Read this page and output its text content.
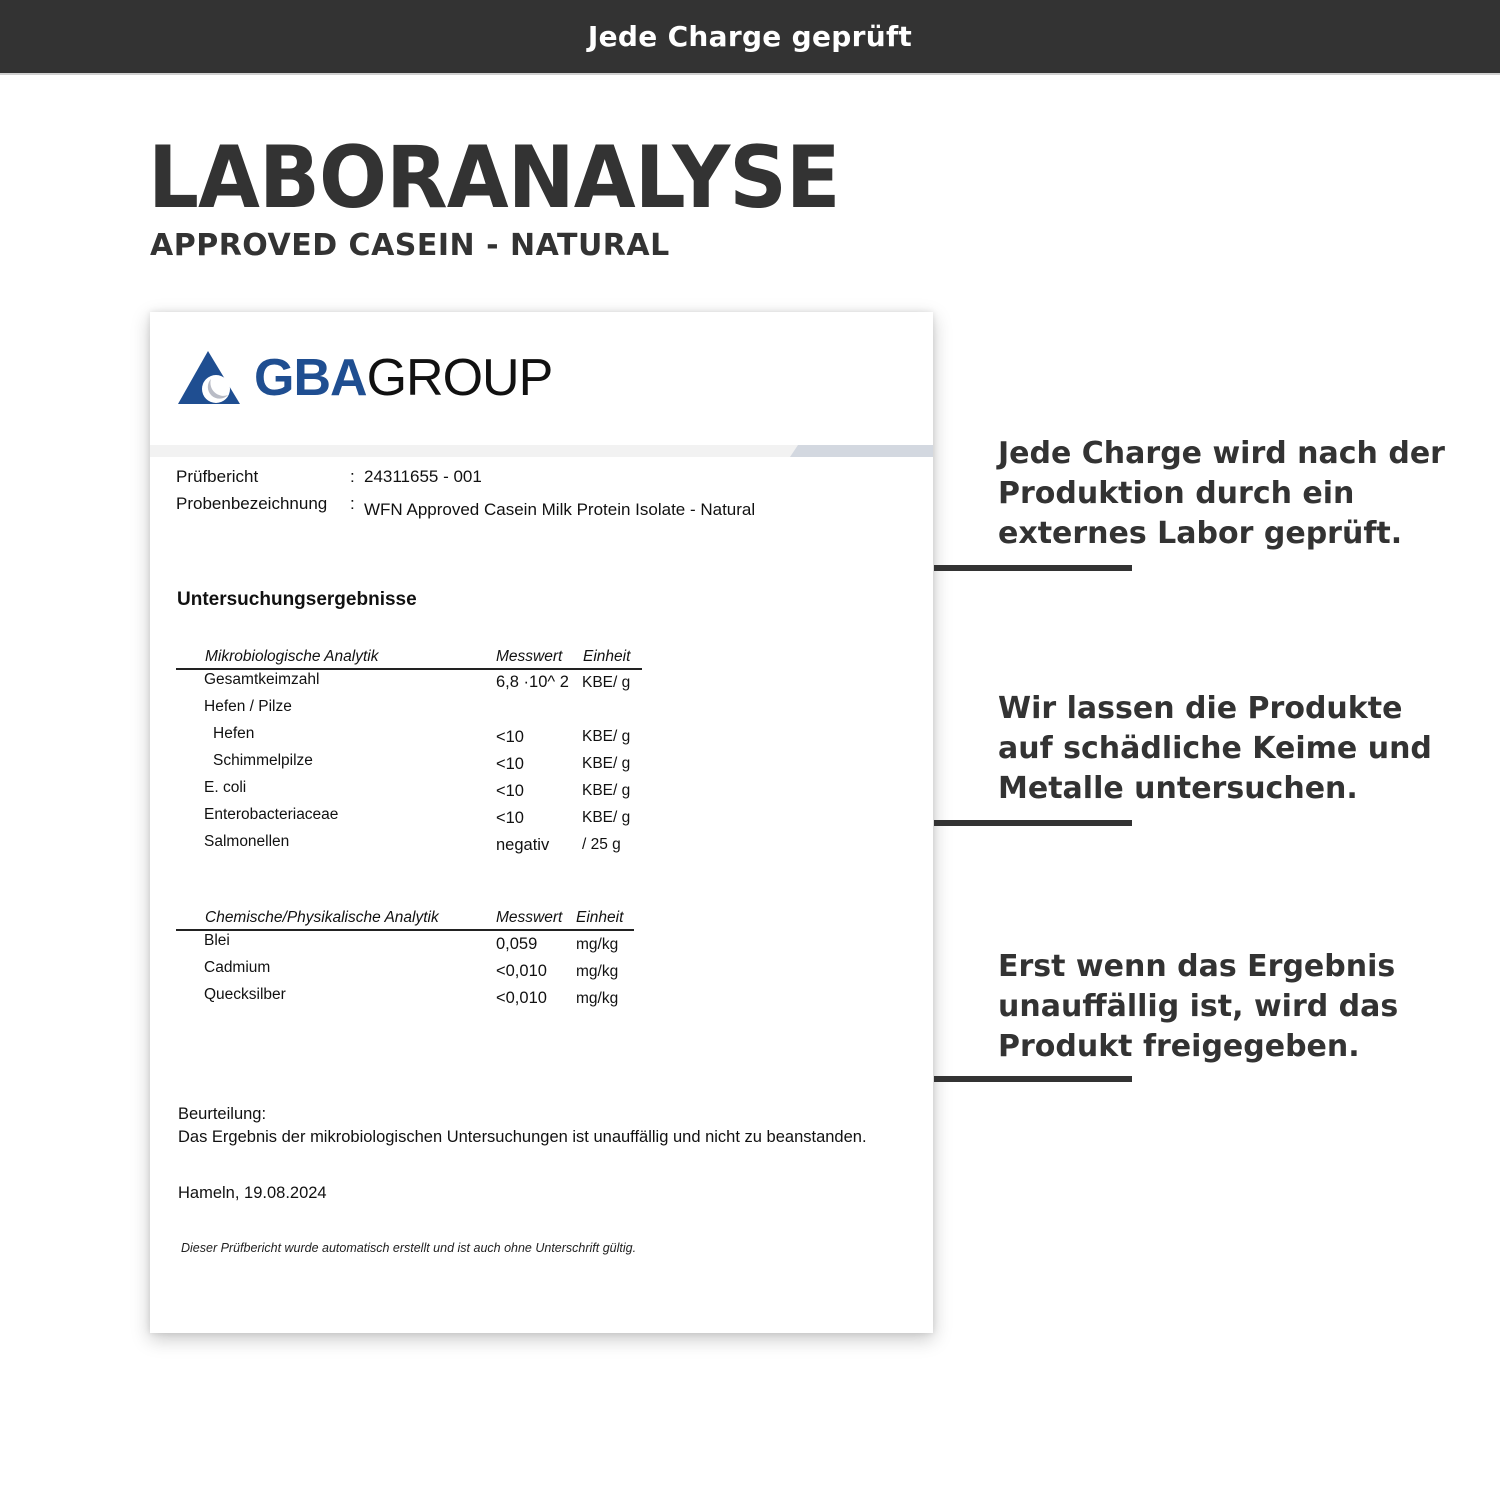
Jede Charge geprüft
LABORANALYSE
APPROVED CASEIN - NATURAL
GBA GROUP
Prüfbericht	: 24311655 - 001
Probenbezeichnung : WFN Approved Casein Milk Protein Isolate - Natural
Untersuchungsergebnisse
Mikrobiologische Analytik	Messwert Einheit
Gesamtkeimzahl	6,8 ·10^ 2 KBE/ g
Hefen / Pilze
Hefen	<10	KBE/ g
Schimmelpilze	<10	KBE/ g
E. coli	<10	KBE/ g
Enterobacteriaceae	<10	KBE/ g
Salmonellen	negativ / 25 g
Chemische/Physikalische Analytik	Messwert Einheit
Blei	0,059 mg/kg
Cadmium	<0,010 mg/kg
Quecksilber	<0,010 mg/kg
Beurteilung:
Das Ergebnis der mikrobiologischen Untersuchungen ist unauffällig und nicht zu beanstanden.
Hameln, 19.08.2024
Dieser Prüfbericht wurde automatisch erstellt und ist auch ohne Unterschrift gültig.
Jede Charge wird nach der Produktion durch ein externes Labor geprüft.
Wir lassen die Produkte auf schädliche Keime und Metalle untersuchen.
Erst wenn das Ergebnis unauffällig ist, wird das Produkt freigegeben.
